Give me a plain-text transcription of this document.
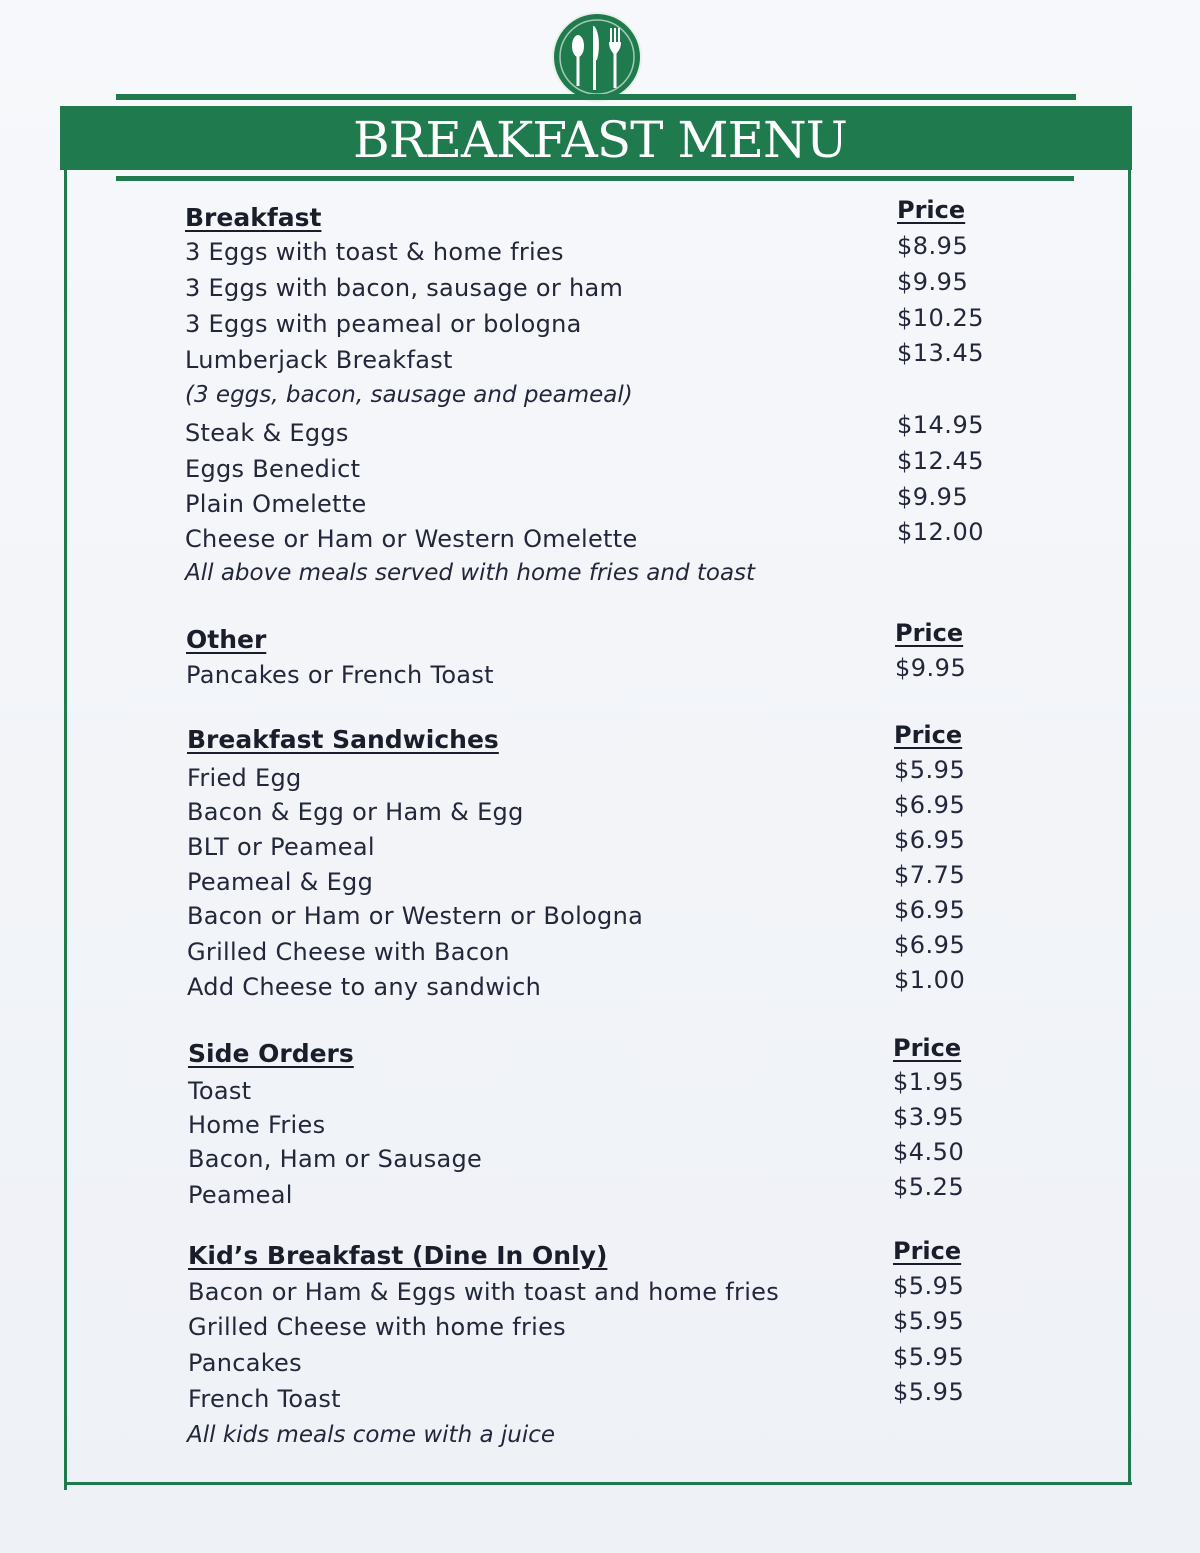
BREAKFAST MENU
Breakfast	Price
3 Eggs with toast & home fries	$8.95
3 Eggs with bacon, sausage or ham	$9.95
3 Eggs with peameal or bologna	$10.25
Lumberjack Breakfast	$13.45
(3 eggs, bacon, sausage and peameal)
Steak & Eggs	$14.95
Eggs Benedict	$12.45
Plain Omelette	$9.95
Cheese or Ham or Western Omelette	$12.00
All above meals served with home fries and toast
Other	Price
Pancakes or French Toast	$9.95
Breakfast Sandwiches	Price
Fried Egg	$5.95
Bacon & Egg or Ham & Egg	$6.95
BLT or Peameal	$6.95
Peameal & Egg	$7.75
Bacon or Ham or Western or Bologna	$6.95
Grilled Cheese with Bacon	$6.95
Add Cheese to any sandwich	$1.00
Side Orders	Price
Toast	$1.95
Home Fries	$3.95
Bacon, Ham or Sausage	$4.50
Peameal	$5.25
Kid’s Breakfast (Dine In Only)	Price
Bacon or Ham & Eggs with toast and home fries	$5.95
Grilled Cheese with home fries	$5.95
Pancakes	$5.95
French Toast	$5.95
All kids meals come with a juice
